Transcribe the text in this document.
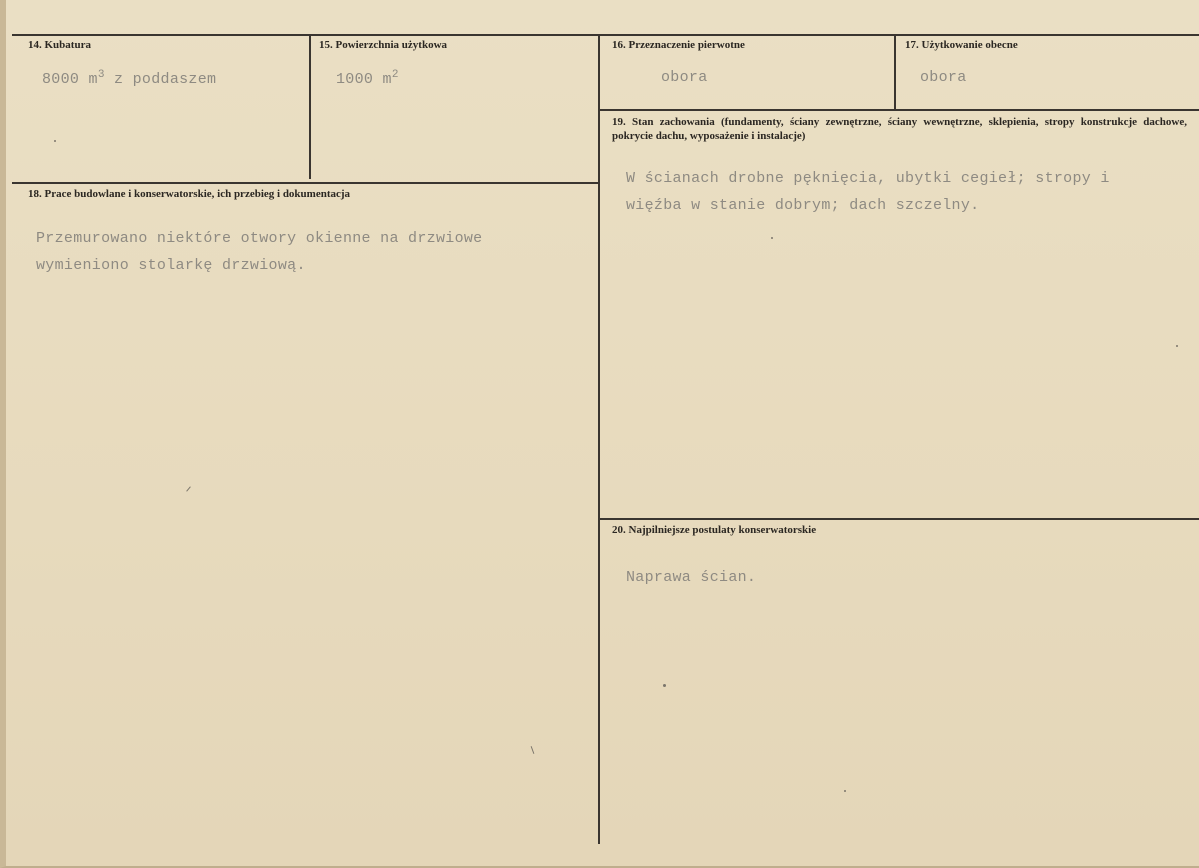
14. Kubatura
8000 $m^3$ z poddaszem
15. Powierzchnia użytkowa
1000 $m^2$
16. Przeznaczenie pierwotne
obora
17. Użytkowanie obecne
obora
19. Stan zachowania (fundamenty, ściany zewnętrzne, ściany wewnętrzne, sklepienia, stropy konstrukcje dachowe, pokrycie dachu, wyposażenie i instalacje)
W ścianach drobne pęknięcia, ubytki cegieł; stropy i
więźba w stanie dobrym; dach szczelny.
18. Prace budowlane i konserwatorskie, ich przebieg i dokumentacja
Przemurowano niektóre otwory okienne na drzwiowe
wymieniono stolarkę drzwiową.
20. Najpilniejsze postulaty konserwatorskie
Naprawa ścian.
